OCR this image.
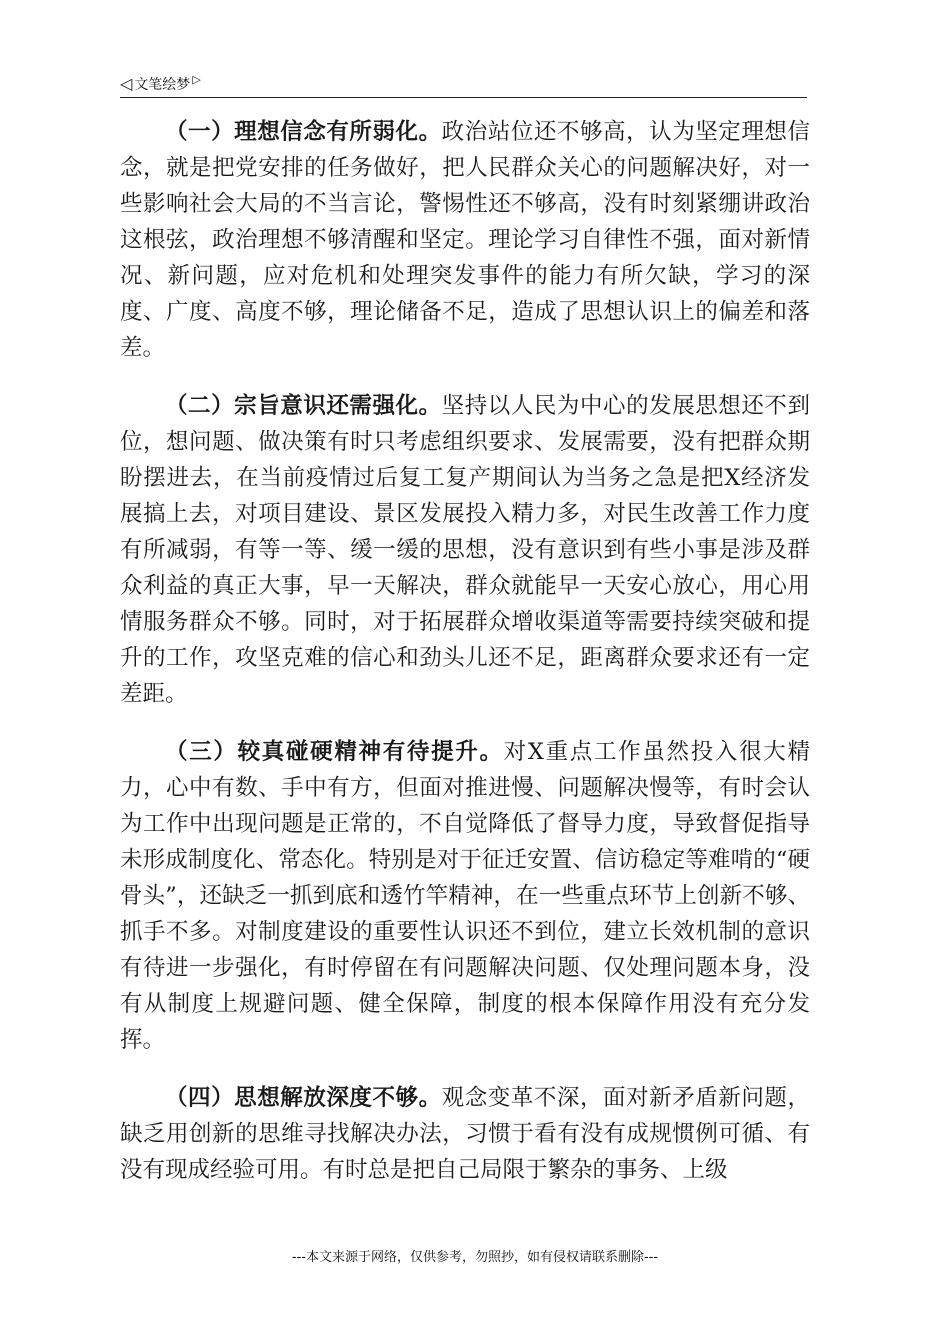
◁ 文笔绘梦 ▷

（一）理想信念有所弱化。政治站位还不够高，认为坚定理想信念，就是把党安排的任务做好，把人民群众关心的问题解决好，对一些影响社会大局的不当言论，警惕性还不够高，没有时刻紧绷讲政治这根弦，政治理想不够清醒和坚定。理论学习自律性不强，面对新情况、新问题，应对危机和处理突发事件的能力有所欠缺，学习的深度、广度、高度不够，理论储备不足，造成了思想认识上的偏差和落差。

（二）宗旨意识还需强化。坚持以人民为中心的发展思想还不到位，想问题、做决策有时只考虑组织要求、发展需要，没有把群众期盼摆进去，在当前疫情过后复工复产期间认为当务之急是把X经济发展搞上去，对项目建设、景区发展投入精力多，对民生改善工作力度有所减弱，有等一等、缓一缓的思想，没有意识到有些小事是涉及群众利益的真正大事，早一天解决，群众就能早一天安心放心，用心用情服务群众不够。同时，对于拓展群众增收渠道等需要持续突破和提升的工作，攻坚克难的信心和劲头儿还不足，距离群众要求还有一定差距。

（三）较真碰硬精神有待提升。对X重点工作虽然投入很大精力，心中有数、手中有方，但面对推进慢、问题解决慢等，有时会认为工作中出现问题是正常的，不自觉降低了督导力度，导致督促指导未形成制度化、常态化。特别是对于征迁安置、信访稳定等难啃的“硬骨头”，还缺乏一抓到底和透竹竿精神，在一些重点环节上创新不够、抓手不多。对制度建设的重要性认识还不到位，建立长效机制的意识有待进一步强化，有时停留在有问题解决问题、仅处理问题本身，没有从制度上规避问题、健全保障，制度的根本保障作用没有充分发挥。

（四）思想解放深度不够。观念变革不深，面对新矛盾新问题，缺乏用创新的思维寻找解决办法，习惯于看有没有成规惯例可循、有没有现成经验可用。有时总是把自己局限于繁杂的事务、上级

---本文来源于网络，仅供参考，勿照抄，如有侵权请联系删除---
